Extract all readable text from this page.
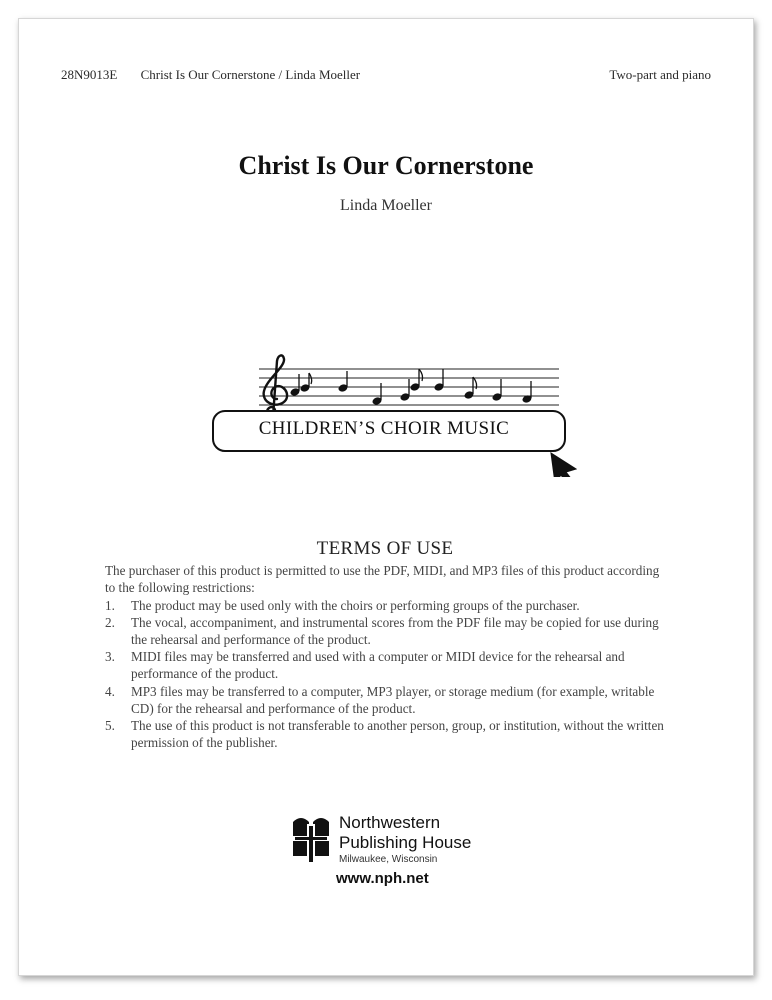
28N9013E Christ Is Our Cornerstone / Linda Moeller	Two-part and piano
Christ Is Our Cornerstone
Linda Moeller
CHILDREN’S CHOIR MUSIC
TERMS OF USE
The purchaser of this product is permitted to use the PDF, MIDI, and MP3 files of this product according to the following restrictions:
1. The product may be used only with the choirs or performing groups of the purchaser.
2. The vocal, accompaniment, and instrumental scores from the PDF file may be copied for use during the rehearsal and performance of the product.
3. MIDI files may be transferred and used with a computer or MIDI device for the rehearsal and performance of the product.
4. MP3 files may be transferred to a computer, MP3 player, or storage medium (for example, writable CD) for the rehearsal and performance of the product.
5. The use of this product is not transferable to another person, group, or institution, without the written permission of the publisher.
Northwestern
Publishing House
Milwaukee, Wisconsin
www.nph.net
